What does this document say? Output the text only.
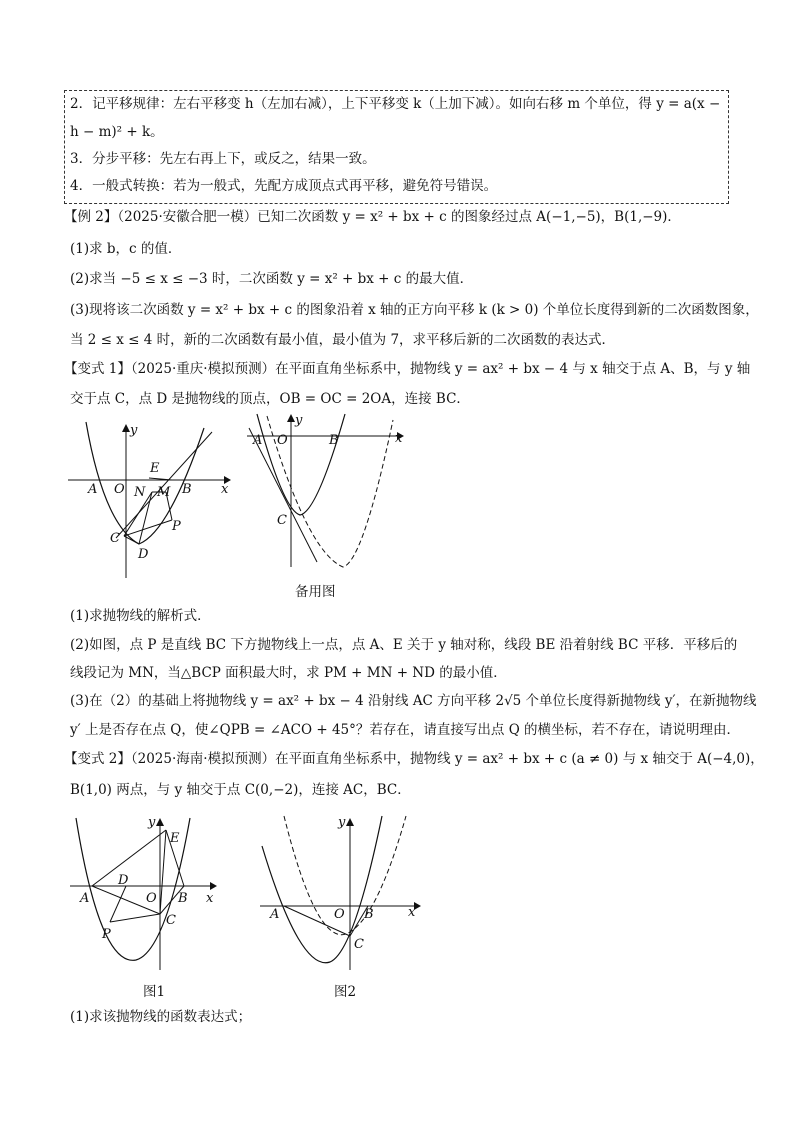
2．记平移规律：左右平移变 h（左加右减），上下平移变 k（上加下减）。如向右移 m 个单位，得 y = a(x −
h − m)² + k。
3．分步平移：先左右再上下，或反之，结果一致。
4．一般式转换：若为一般式，先配方成顶点式再平移，避免符号错误。
【例 2】（2025·安徽合肥一模）已知二次函数 y = x² + bx + c 的图象经过点 A(−1,−5)，B(1,−9)．
(1)求 b，c 的值．
(2)求当 −5 ≤ x ≤ −3 时，二次函数 y = x² + bx + c 的最大值．
(3)现将该二次函数 y = x² + bx + c 的图象沿着 x 轴的正方向平移 k (k > 0) 个单位长度得到新的二次函数图象，
当 2 ≤ x ≤ 4 时，新的二次函数有最小值，最小值为 7，求平移后新的二次函数的表达式．
【变式 1】（2025·重庆·模拟预测）在平面直角坐标系中，抛物线 y = ax² + bx − 4 与 x 轴交于点 A、B，与 y 轴
交于点 C，点 D 是抛物线的顶点，OB = OC = 2OA，连接 BC．
y
x
A O
E
N M B
P
C
D
y
x
A O	B
C
备用图
(1)求抛物线的解析式．
(2)如图，点 P 是直线 BC 下方抛物线上一点，点 A、E 关于 y 轴对称，线段 BE 沿着射线 BC 平移．平移后的
线段记为 MN，当△BCP 面积最大时，求 PM + MN + ND 的最小值．
(3)在（2）的基础上将抛物线 y = ax² + bx − 4 沿射线 AC 方向平移 2√5 个单位长度得新抛物线 y′，在新抛物线
y′ 上是否存在点 Q，使∠QPB = ∠ACO + 45°？若存在，请直接写出点 Q 的横坐标，若不存在，请说明理由．
【变式 2】（2025·海南·模拟预测）在平面直角坐标系中，抛物线 y = ax² + bx + c (a ≠ 0) 与 x 轴交于 A(−4,0)，
B(1,0) 两点，与 y 轴交于点 C(0,−2)，连接 AC，BC．
y
x
E
D
A	O B
C
P
图1
y
x
A	O B
C
图2
(1)求该抛物线的函数表达式；
